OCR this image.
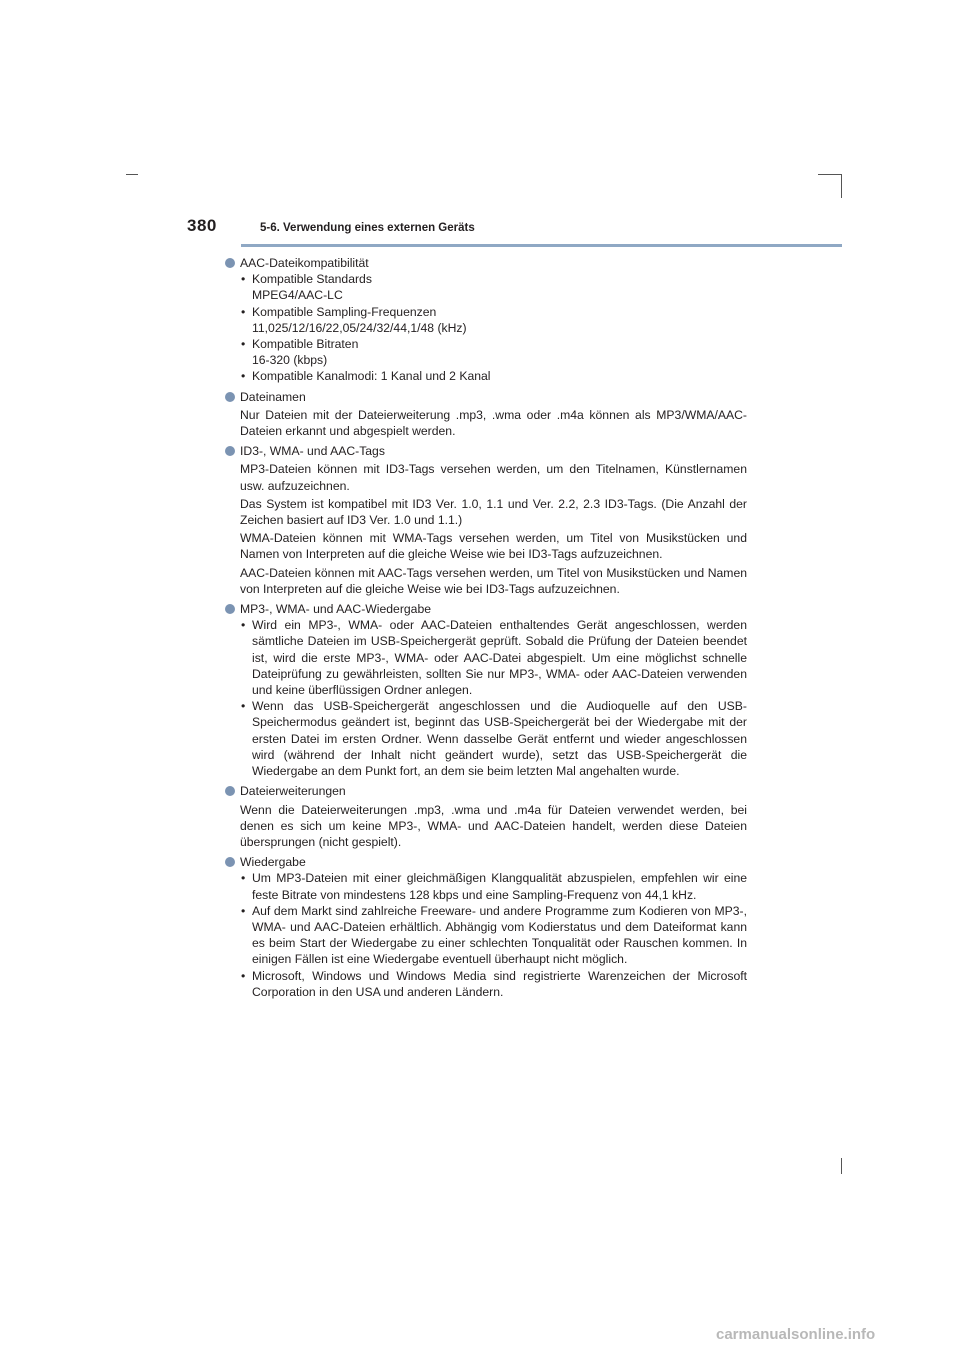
380	5-6. Verwendung eines externen Geräts
AAC-Dateikompatibilität
• Kompatible Standards
MPEG4/AAC-LC
• Kompatible Sampling-Frequenzen
11,025/12/16/22,05/24/32/44,1/48 (kHz)
• Kompatible Bitraten
16-320 (kbps)
• Kompatible Kanalmodi: 1 Kanal und 2 Kanal
Dateinamen

Nur Dateien mit der Dateierweiterung .mp3, .wma oder .m4a können als MP3/WMA/AAC-Dateien erkannt und abgespielt werden.

ID3-, WMA- und AAC-Tags

MP3-Dateien können mit ID3-Tags versehen werden, um den Titelnamen, Künstlernamen usw. aufzuzeichnen.

Das System ist kompatibel mit ID3 Ver. 1.0, 1.1 und Ver. 2.2, 2.3 ID3-Tags. (Die Anzahl der Zeichen basiert auf ID3 Ver. 1.0 und 1.1.)

WMA-Dateien können mit WMA-Tags versehen werden, um Titel von Musikstücken und Namen von Interpreten auf die gleiche Weise wie bei ID3-Tags aufzuzeichnen.

AAC-Dateien können mit AAC-Tags versehen werden, um Titel von Musikstücken und Namen von Interpreten auf die gleiche Weise wie bei ID3-Tags aufzuzeichnen.

MP3-, WMA- und AAC-Wiedergabe
• Wird ein MP3-, WMA- oder AAC-Dateien enthaltendes Gerät angeschlossen, werden sämtliche Dateien im USB-Speichergerät geprüft. Sobald die Prüfung der Dateien beendet ist, wird die erste MP3-, WMA- oder AAC-Datei abgespielt. Um eine möglichst schnelle Dateiprüfung zu gewährleisten, sollten Sie nur MP3-, WMA- oder AAC-Dateien verwenden und keine überflüssigen Ordner anlegen.
• Wenn das USB-Speichergerät angeschlossen und die Audioquelle auf den USB-Speichermodus geändert ist, beginnt das USB-Speichergerät bei der Wiedergabe mit der ersten Datei im ersten Ordner. Wenn dasselbe Gerät entfernt und wieder angeschlossen wird (während der Inhalt nicht geändert wurde), setzt das USB-Speichergerät die Wiedergabe an dem Punkt fort, an dem sie beim letzten Mal angehalten wurde.
Dateierweiterungen

Wenn die Dateierweiterungen .mp3, .wma und .m4a für Dateien verwendet werden, bei denen es sich um keine MP3-, WMA- und AAC-Dateien handelt, werden diese Dateien übersprungen (nicht gespielt).

Wiedergabe
• Um MP3-Dateien mit einer gleichmäßigen Klangqualität abzuspielen, empfehlen wir eine feste Bitrate von mindestens 128 kbps und eine Sampling-Frequenz von 44,1 kHz.
• Auf dem Markt sind zahlreiche Freeware- und andere Programme zum Kodieren von MP3-, WMA- und AAC-Dateien erhältlich. Abhängig vom Kodierstatus und dem Dateiformat kann es beim Start der Wiedergabe zu einer schlechten Tonqualität oder Rauschen kommen. In einigen Fällen ist eine Wiedergabe eventuell überhaupt nicht möglich.
• Microsoft, Windows und Windows Media sind registrierte Warenzeichen der Microsoft Corporation in den USA und anderen Ländern.
carmanualsonline.info
